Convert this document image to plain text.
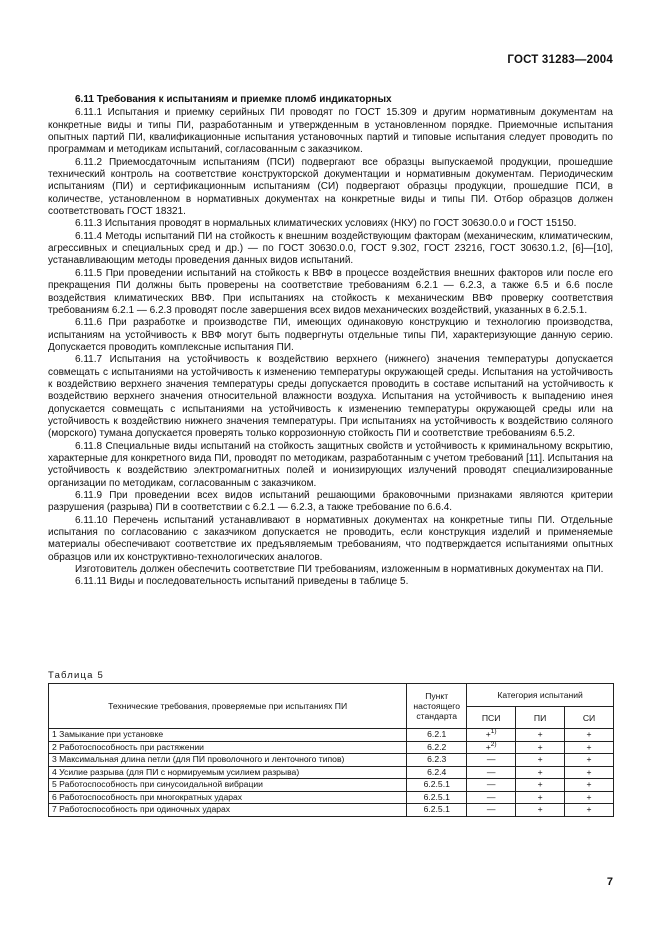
ГОСТ 31283—2004

6.11 Требования к испытаниям и приемке пломб индикаторных

6.11.1 Испытания и приемку серийных ПИ проводят по ГОСТ 15.309 и другим нормативным документам на конкретные виды и типы ПИ, разработанным и утвержденным в установленном порядке. Приемочные испытания опытных партий ПИ, квалификационные испытания установочных партий и типовые испытания следует проводить по программам и методикам испытаний, согласованным с заказчиком.

6.11.2 Приемосдаточным испытаниям (ПСИ) подвергают все образцы выпускаемой продукции, прошедшие технический контроль на соответствие конструкторской документации и нормативным документам. Периодическим испытаниям (ПИ) и сертификационным испытаниям (СИ) подвергают образцы продукции, прошедшие ПСИ, в количестве, установленном в нормативных документах на конкретные виды и типы ПИ. Отбор образцов должен соответствовать ГОСТ 18321.

6.11.3 Испытания проводят в нормальных климатических условиях (НКУ) по ГОСТ 30630.0.0 и ГОСТ 15150.

6.11.4 Методы испытаний ПИ на стойкость к внешним воздействующим факторам (механическим, климатическим, агрессивных и специальных сред и др.) — по ГОСТ 30630.0.0, ГОСТ 9.302, ГОСТ 23216, ГОСТ 30630.1.2, [6]—[10], устанавливающим методы проведения данных видов испытаний.

6.11.5 При проведении испытаний на стойкость к ВВФ в процессе воздействия внешних факторов или после его прекращения ПИ должны быть проверены на соответствие требованиям 6.2.1 — 6.2.3, а также 6.5 и 6.6 после воздействия климатических ВВФ. При испытаниях на стойкость к механическим ВВФ проверку соответствия требованиям 6.2.1 — 6.2.3 проводят после завершения всех видов механических воздействий, указанных в 6.2.5.1.

6.11.6 При разработке и производстве ПИ, имеющих одинаковую конструкцию и технологию производства, испытаниям на устойчивость к ВВФ могут быть подвергнуты отдельные типы ПИ, характеризующие данную серию. Допускается проводить комплексные испытания ПИ.

6.11.7 Испытания на устойчивость к воздействию верхнего (нижнего) значения температуры допускается совмещать с испытаниями на устойчивость к изменению температуры окружающей среды. Испытания на устойчивость к воздействию верхнего значения температуры среды допускается проводить в составе испытаний на устойчивость к воздействию верхнего значения относительной влажности воздуха. Испытания на устойчивость к выпадению инея допускается совмещать с испытаниями на устойчивость к изменению температуры окружающей среды или на устойчивость к воздействию нижнего значения температуры. При испытаниях на устойчивость к воздействию соляного (морского) тумана допускается проверять только коррозионную стойкость ПИ и соответствие требованиям 6.5.2.

6.11.8 Специальные виды испытаний на стойкость защитных свойств и устойчивость к криминальному вскрытию, характерные для конкретного вида ПИ, проводят по методикам, разработанным с учетом требований [11]. Испытания на устойчивость к воздействию электромагнитных полей и ионизирующих излучений проводят специализированные организации по методикам, согласованным с заказчиком.

6.11.9 При проведении всех видов испытаний решающими браковочными признаками являются критерии разрушения (разрыва) ПИ в соответствии с 6.2.1 — 6.2.3, а также требование по 6.6.4.

6.11.10 Перечень испытаний устанавливают в нормативных документах на конкретные типы ПИ. Отдельные испытания по согласованию с заказчиком допускается не проводить, если конструкция изделий и применяемые материалы обеспечивают соответствие их предъявляемым требованиям, что подтверждается испытаниями опытных образцов или их конструктивно-технологических аналогов.

Изготовитель должен обеспечить соответствие ПИ требованиям, изложенным в нормативных документах на ПИ.

6.11.11 Виды и последовательность испытаний приведены в таблице 5.

Таблица 5
Технические требования, проверяемые при испытаниях ПИ	Пункт настоящего стандарта	Категория испытаний		
		ПСИ	ПИ	СИ
1 Замыкание при установке	6.2.1	+$^{1)}$	+	+
2 Работоспособность при растяжении	6.2.2	+$^{2)}$	+	+
3 Максимальная длина петли (для ПИ проволочного и ленточного типов)	6.2.3	—	+	+
4 Усилие разрыва (для ПИ с нормируемым усилием разрыва)	6.2.4	—	+	+
5 Работоспособность при синусоидальной вибрации	6.2.5.1	—	+	+
6 Работоспособность при многократных ударах	6.2.5.1	—	+	+
7 Работоспособность при одиночных ударах	6.2.5.1	—	+	+
7
